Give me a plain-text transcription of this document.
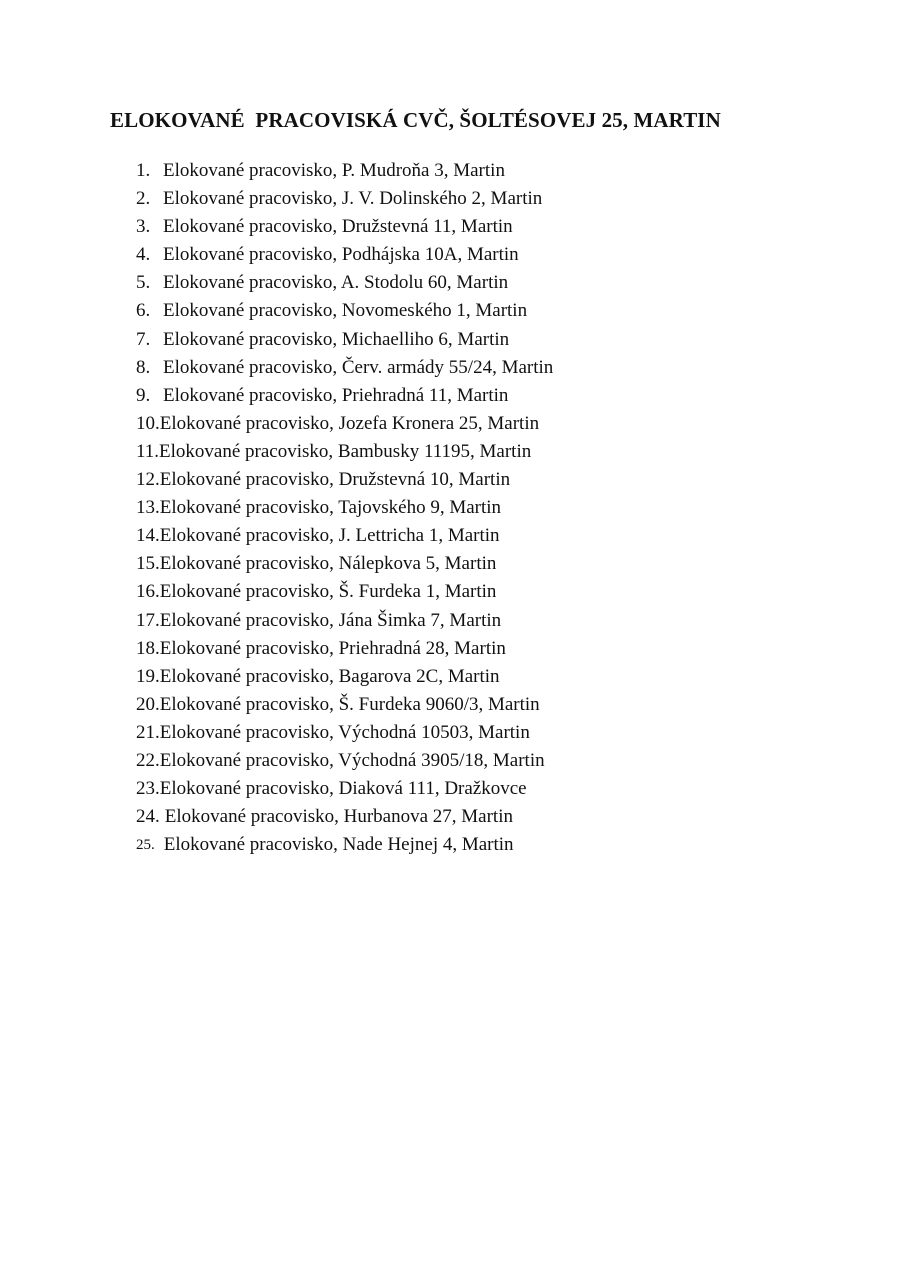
ELOKOVANÉ  PRACOVISKÁ CVČ, ŠOLTÉSOVEJ 25, MARTIN
1. Elokované pracovisko, P. Mudroňa 3, Martin
2. Elokované pracovisko, J. V. Dolinského 2, Martin
3. Elokované pracovisko, Družstevná 11, Martin
4. Elokované pracovisko, Podhájska 10A, Martin
5. Elokované pracovisko, A. Stodolu 60, Martin
6. Elokované pracovisko, Novomeského 1, Martin
7. Elokované pracovisko, Michaelliho 6, Martin
8. Elokované pracovisko, Červ. armády 55/24, Martin
9. Elokované pracovisko, Priehradná 11, Martin
10. Elokované pracovisko, Jozefa Kronera 25, Martin
11. Elokované pracovisko, Bambusky 11195, Martin
12. Elokované pracovisko, Družstevná 10, Martin
13. Elokované pracovisko, Tajovského 9, Martin
14. Elokované pracovisko, J. Lettricha 1, Martin
15. Elokované pracovisko, Nálepkova 5, Martin
16. Elokované pracovisko, Š. Furdeka 1, Martin
17. Elokované pracovisko, Jána Šimka 7, Martin
18. Elokované pracovisko, Priehradná 28, Martin
19. Elokované pracovisko, Bagarova 2C, Martin
20. Elokované pracovisko, Š. Furdeka 9060/3, Martin
21. Elokované pracovisko, Východná 10503, Martin
22. Elokované pracovisko, Východná 3905/18, Martin
23. Elokované pracovisko, Diaková 111, Dražkovce
24. Elokované pracovisko, Hurbanova 27, Martin
25. Elokované pracovisko, Nade Hejnej 4, Martin
